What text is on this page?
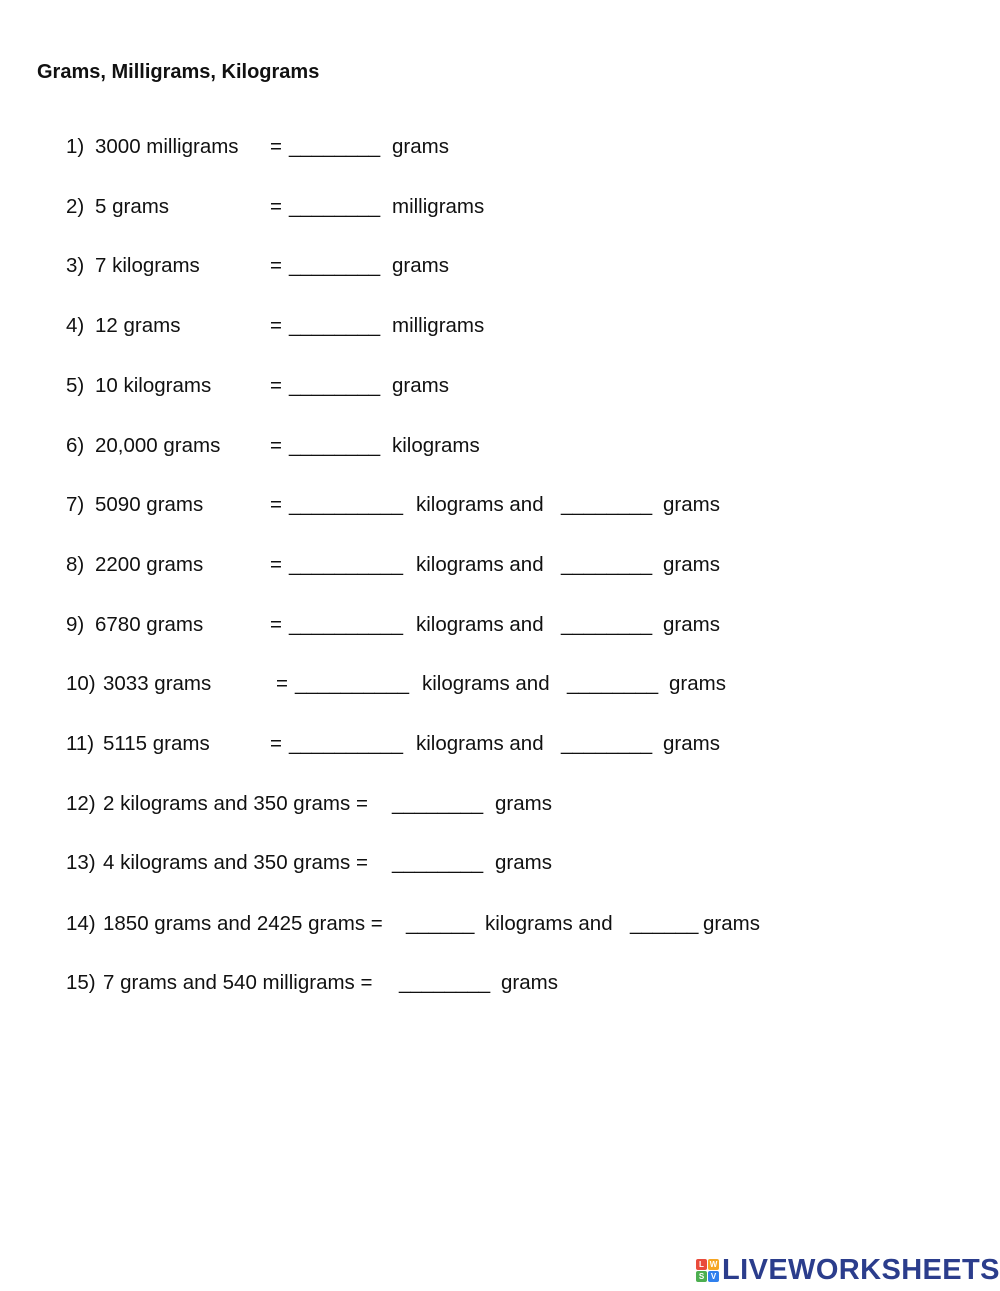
Grams, Milligrams, Kilograms

1)

3000 milligrams

=

________

grams

2)

5 grams

	=

________

milligrams

3)

7 kilograms

	=

________

grams

4)

12 grams

	=

________

milligrams

5)

10 kilograms

	=

________

grams

6)

20,000 grams

=

________

kilograms

7)

5090 grams

	=

__________

kilograms and

________

grams

8)

2200 grams

	=

__________

kilograms and

________

grams

9)

6780 grams

	=

__________

kilograms and

________

grams

10)

3033 grams

	=

__________

kilograms and

________

grams

11)

5115 grams

	=

__________

kilograms and

________

grams

12)

2 kilograms and 350 grams =

________

grams

13)

4 kilograms and 350 grams =

________

grams

14)

1850 grams and 2425 grams =

______

kilograms and

______

grams

15)

7 grams and 540 milligrams =

________

grams

L W
S V LIVEWORKSHEETS
